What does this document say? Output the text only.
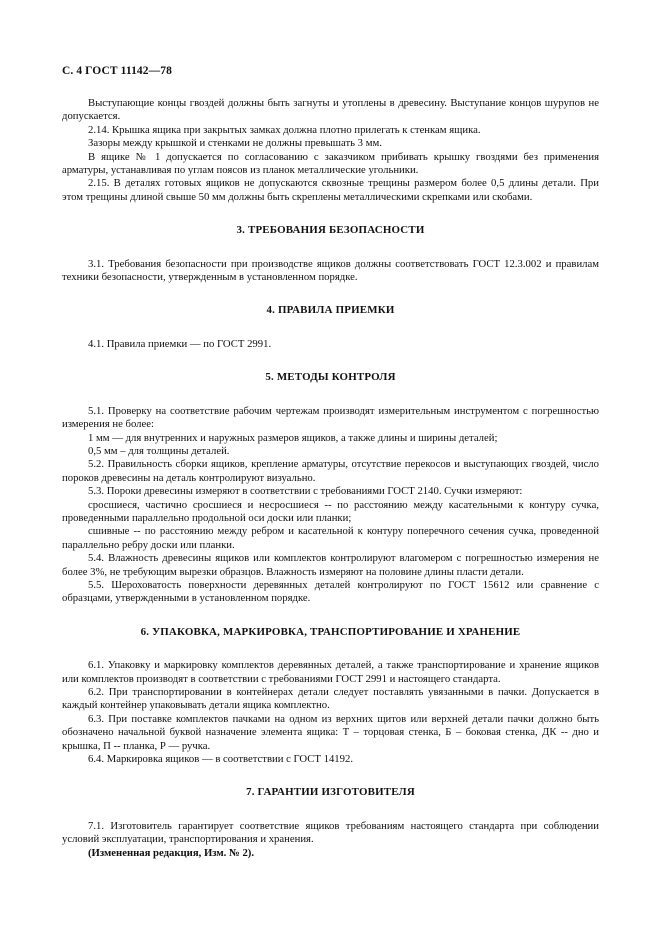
С. 4 ГОСТ 11142—78

Выступающие концы гвоздей должны быть загнуты и утоплены в древесину. Выступание концов шурупов не допускается.

2.14. Крышка ящика при закрытых замках должна плотно прилегать к стенкам ящика.

Зазоры между крышкой и стенками не должны превышать 3 мм.

В ящике № 1 допускается по согласованию с заказчиком прибивать крышку гвоздями без применения арматуры, устанавливая по углам поясов из планок металлические угольники.

2.15. В деталях готовых ящиков не допускаются сквозные трещины размером более 0,5 длины детали. При этом трещины длиной свыше 50 мм должны быть скреплены металлическими скрепками или скобами.

3. ТРЕБОВАНИЯ БЕЗОПАСНОСТИ

3.1. Требования безопасности при производстве ящиков должны соответствовать ГОСТ 12.3.002 и правилам техники безопасности, утвержденным в установленном порядке.

4. ПРАВИЛА ПРИЕМКИ

4.1. Правила приемки — по ГОСТ 2991.

5. МЕТОДЫ КОНТРОЛЯ

5.1. Проверку на соответствие рабочим чертежам производят измерительным инструментом с погрешностью измерения не более:

1 мм — для внутренних и наружных размеров ящиков, а также длины и ширины деталей;

0,5 мм – для толщины деталей.

5.2. Правильность сборки ящиков, крепление арматуры, отсутствие перекосов и выступающих гвоздей, число пороков древесины на деталь контролируют визуально.

5.3. Пороки древесины измеряют в соответствии с требованиями ГОСТ 2140. Сучки измеряют:

сросшиеся, частично сросшиеся и несросшиеся -- по расстоянию между касательными к контуру сучка, проведенными параллельно продольной оси доски или планки;

сшивные -- по расстоянию между ребром и касательной к контуру поперечного сечения сучка, проведенной параллельно ребру доски или планки.

5.4. Влажность древесины ящиков или комплектов контролируют влагомером с погрешностью измерения не более 3%, не требующим вырезки образцов. Влажность измеряют на половине длины пласти детали.

5.5. Шероховатость поверхности деревянных деталей контролируют по ГОСТ 15612 или сравнение с образцами, утвержденными в установленном порядке.

6. УПАКОВКА, МАРКИРОВКА, ТРАНСПОРТИРОВАНИЕ И ХРАНЕНИЕ

6.1. Упаковку и маркировку комплектов деревянных деталей, а также транспортирование и хранение ящиков или комплектов производят в соответствии с требованиями ГОСТ 2991 и настоящего стандарта.

6.2. При транспортировании в контейнерах детали следует поставлять увязанными в пачки. Допускается в каждый контейнер упаковывать детали ящика комплектно.

6.3. При поставке комплектов пачками на одном из верхних щитов или верхней детали пачки должно быть обозначено начальной буквой назначение элемента ящика: Т – торцовая стенка, Б – боковая стенка, ДК -- дно и крышка, П -- планка, Р — ручка.

6.4. Маркировка ящиков — в соответствии с ГОСТ 14192.

7. ГАРАНТИИ ИЗГОТОВИТЕЛЯ

7.1. Изготовитель гарантирует соответствие ящиков требованиям настоящего стандарта при соблюдении условий эксплуатации, транспортирования и хранения.

(Измененная редакция, Изм. № 2).
